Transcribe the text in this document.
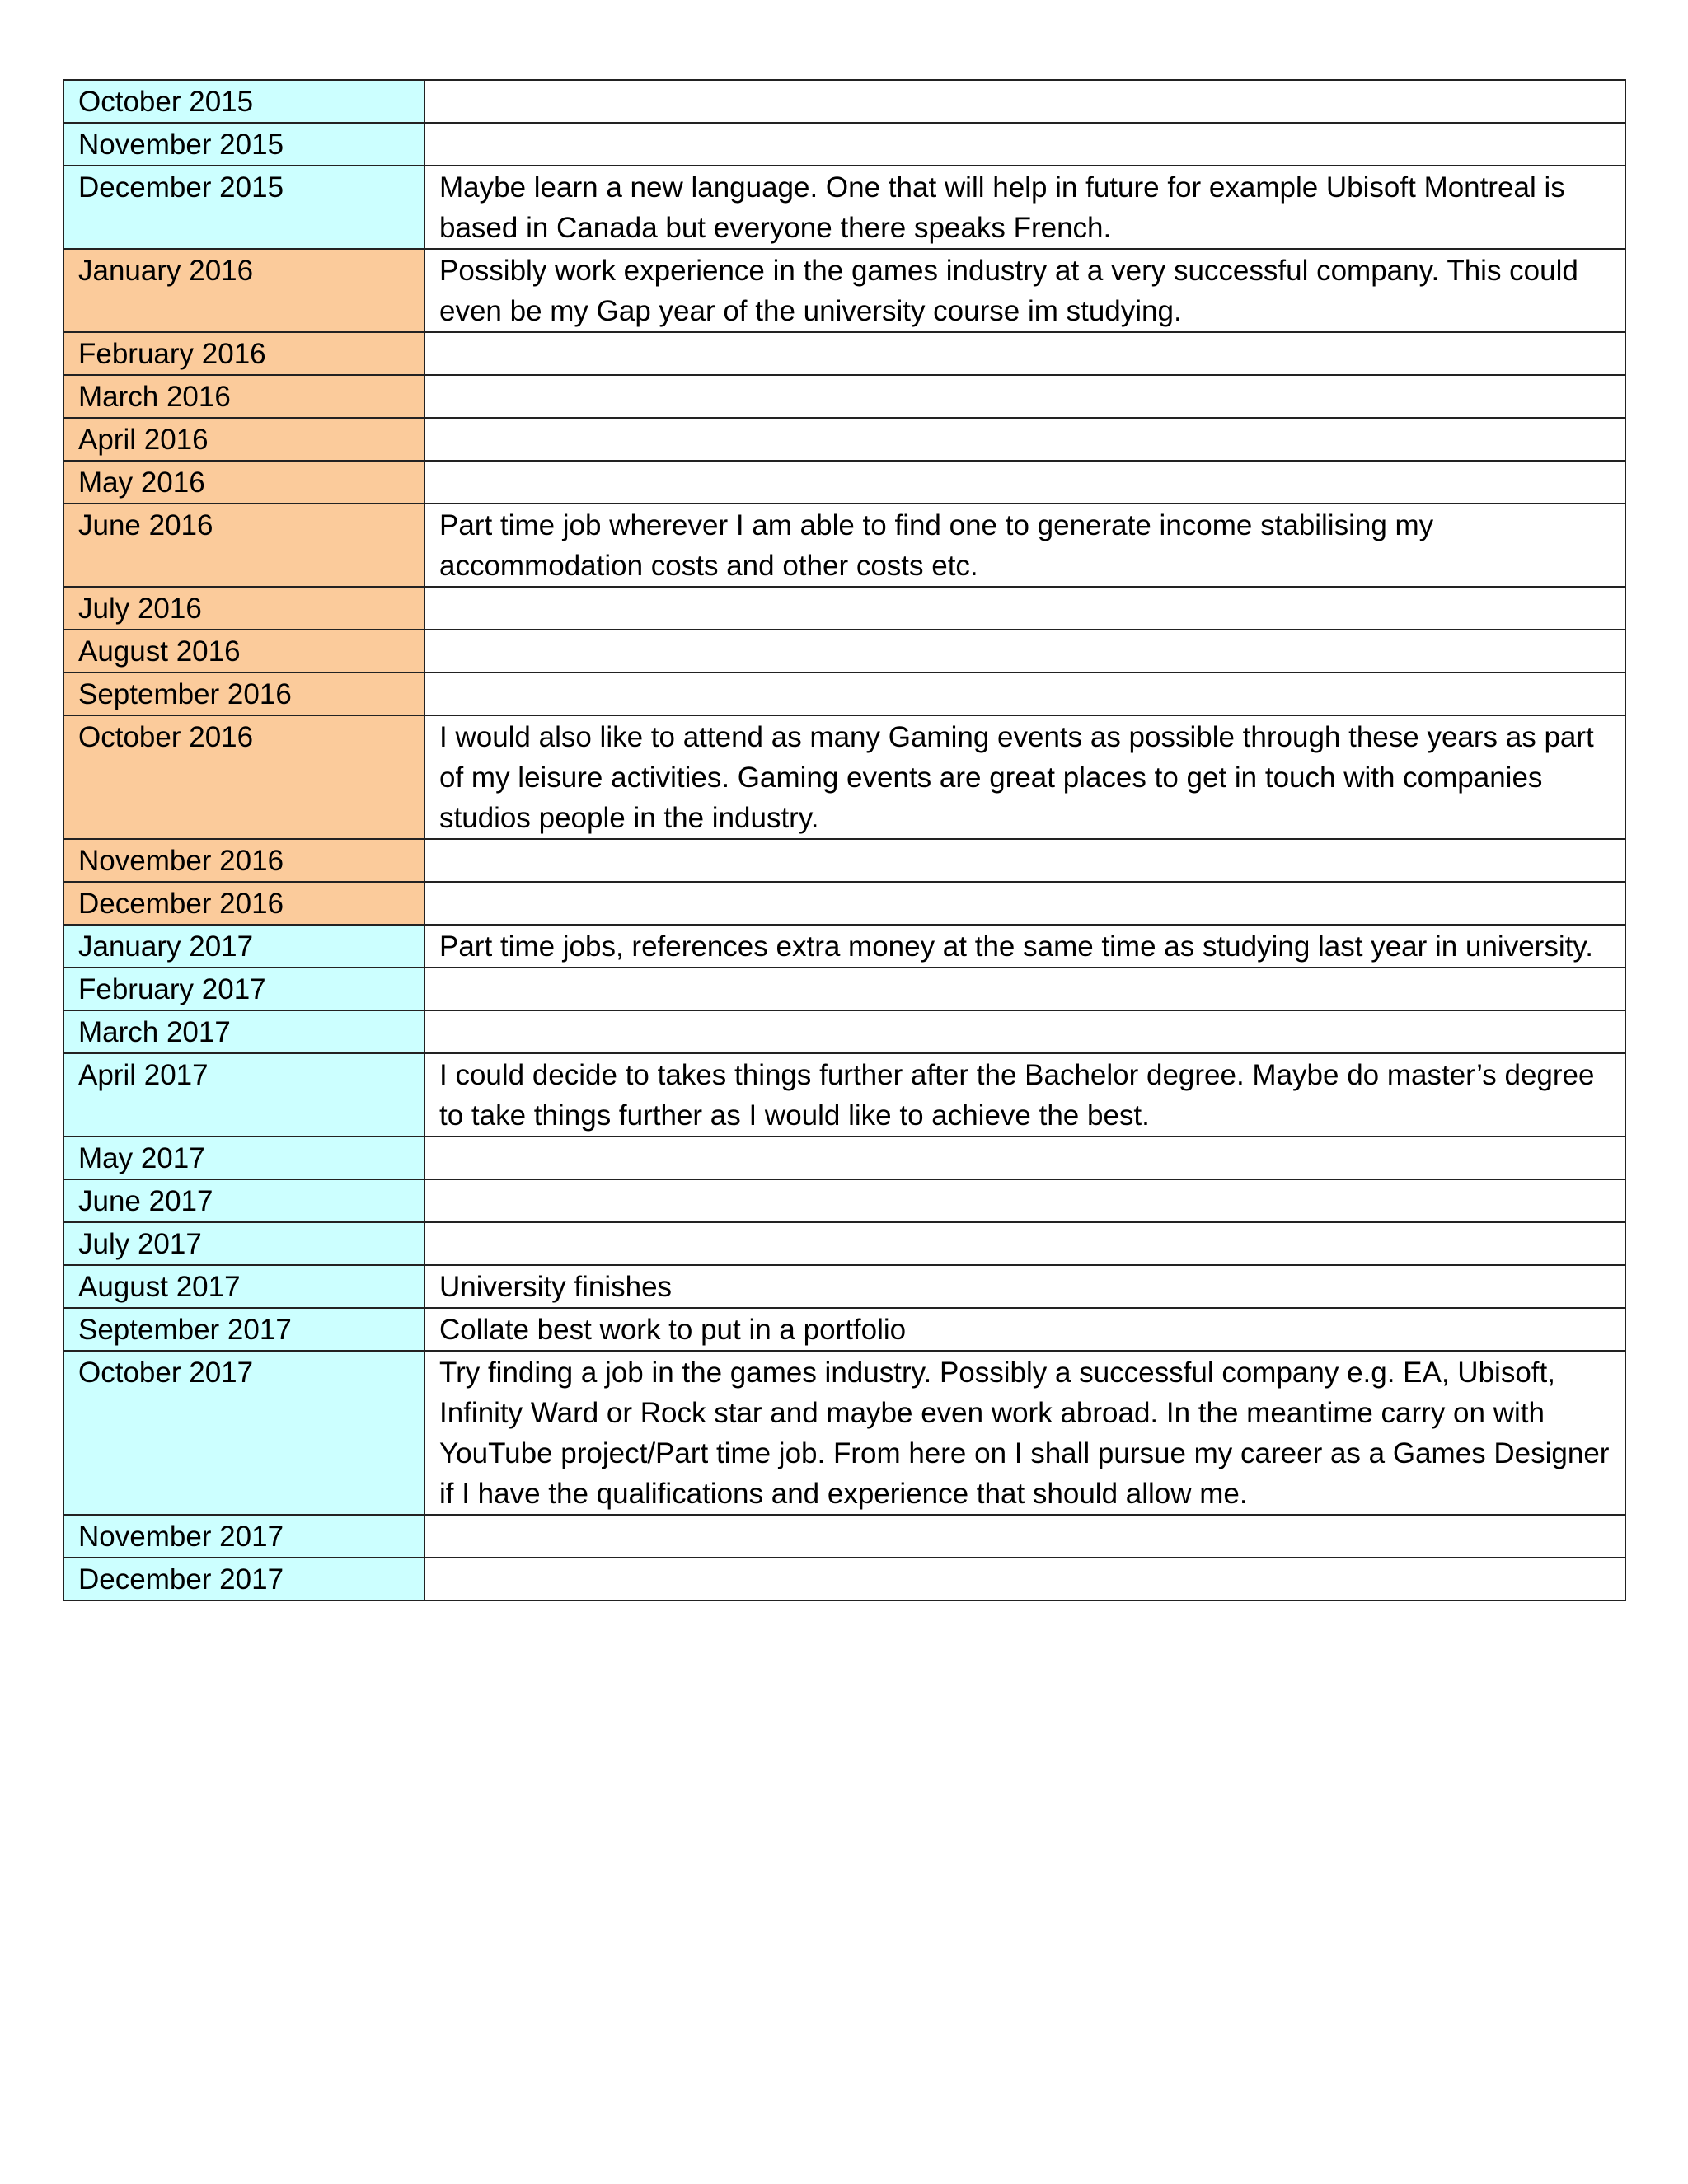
October 2015	
November 2015	
December 2015	Maybe learn a new language. One that will help in future for example Ubisoft Montreal is based in Canada but everyone there speaks French.
January 2016	Possibly work experience in the games industry at a very successful company. This could even be my Gap year of the university course im studying.
February 2016	
March 2016	
April 2016	
May 2016	
June 2016	Part time job wherever I am able to find one to generate income stabilising my accommodation costs and other costs etc.
July 2016	
August 2016	
September 2016	
October 2016	I would also like to attend as many Gaming events as possible through these years as part of my leisure activities. Gaming events are great places to get in touch with companies studios people in the industry.
November 2016	
December 2016	
January 2017	Part time jobs, references extra money at the same time as studying last year in university.
February 2017	
March 2017	
April 2017	I could decide to takes things further after the Bachelor degree. Maybe do master’s degree to take things further as I would like to achieve the best.
May 2017	
June 2017	
July 2017	
August 2017	University finishes
September 2017	Collate best work to put in a portfolio
October 2017	Try finding a job in the games industry. Possibly a successful company e.g. EA, Ubisoft, Infinity Ward or Rock star and maybe even work abroad. In the meantime carry on with YouTube project/Part time job. From here on I shall pursue my career as a Games Designer if I have the qualifications and experience that should allow me.
November 2017	
December 2017	
